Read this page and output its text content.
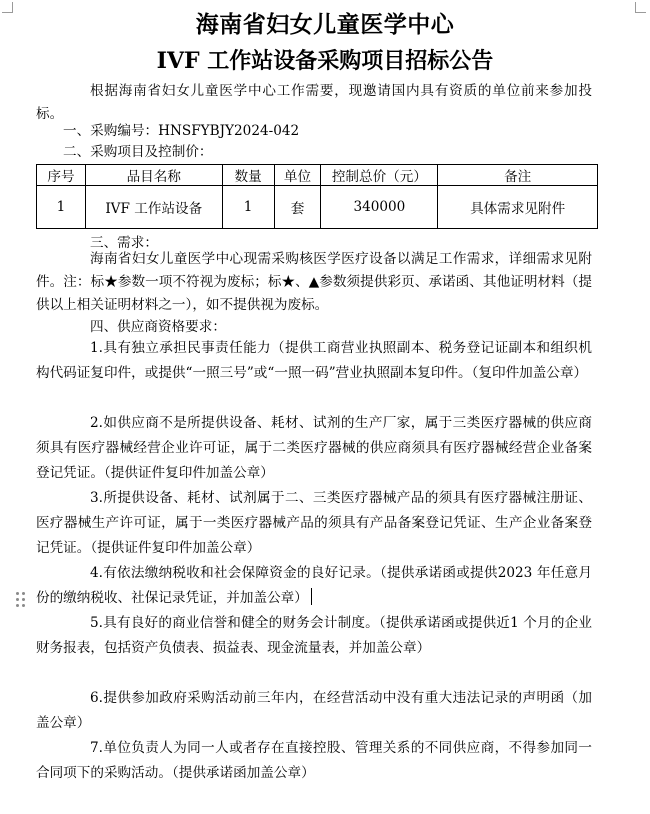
海南省妇女儿童医学中心
IVF 工作站设备采购项目招标公告

根据海南省妇女儿童医学中心工作需要，现邀请国内具有资质的单位前来参加投标。

一、采购编号：HNSFYBJY2024-042

二、采购项目及控制价：

序号	品目名称	数量	单位	控制总价（元）	备注
1	IVF 工作站设备	1	套	340000	具体需求见附件

三、需求：

海南省妇女儿童医学中心现需采购核医学医疗设备以满足工作需求，详细需求见附件。注：标★参数一项不符视为废标；标★、▲参数须提供彩页、承诺函、其他证明材料（提供以上相关证明材料之一），如不提供视为废标。

四、供应商资格要求：

1.具有独立承担民事责任能力（提供工商营业执照副本、税务登记证副本和组织机构代码证复印件，或提供“一照三号”或“一照一码”营业执照副本复印件。（复印件加盖公章）

2.如供应商不是所提供设备、耗材、试剂的生产厂家，属于三类医疗器械的供应商须具有医疗器械经营企业许可证，属于二类医疗器械的供应商须具有医疗器械经营企业备案登记凭证。（提供证件复印件加盖公章）

3.所提供设备、耗材、试剂属于二、三类医疗器械产品的须具有医疗器械注册证、医疗器械生产许可证，属于一类医疗器械产品的须具有产品备案登记凭证、生产企业备案登记凭证。（提供证件复印件加盖公章）

4.有依法缴纳税收和社会保障资金的良好记录。（提供承诺函或提供2023 年任意月份的缴纳税收、社保记录凭证，并加盖公章）

5.具有良好的商业信誉和健全的财务会计制度。（提供承诺函或提供近1 个月的企业财务报表，包括资产负债表、损益表、现金流量表，并加盖公章）

6.提供参加政府采购活动前三年内，在经营活动中没有重大违法记录的声明函（加盖公章）

7.单位负责人为同一人或者存在直接控股、管理关系的不同供应商，不得参加同一合同项下的采购活动。（提供承诺函加盖公章）
